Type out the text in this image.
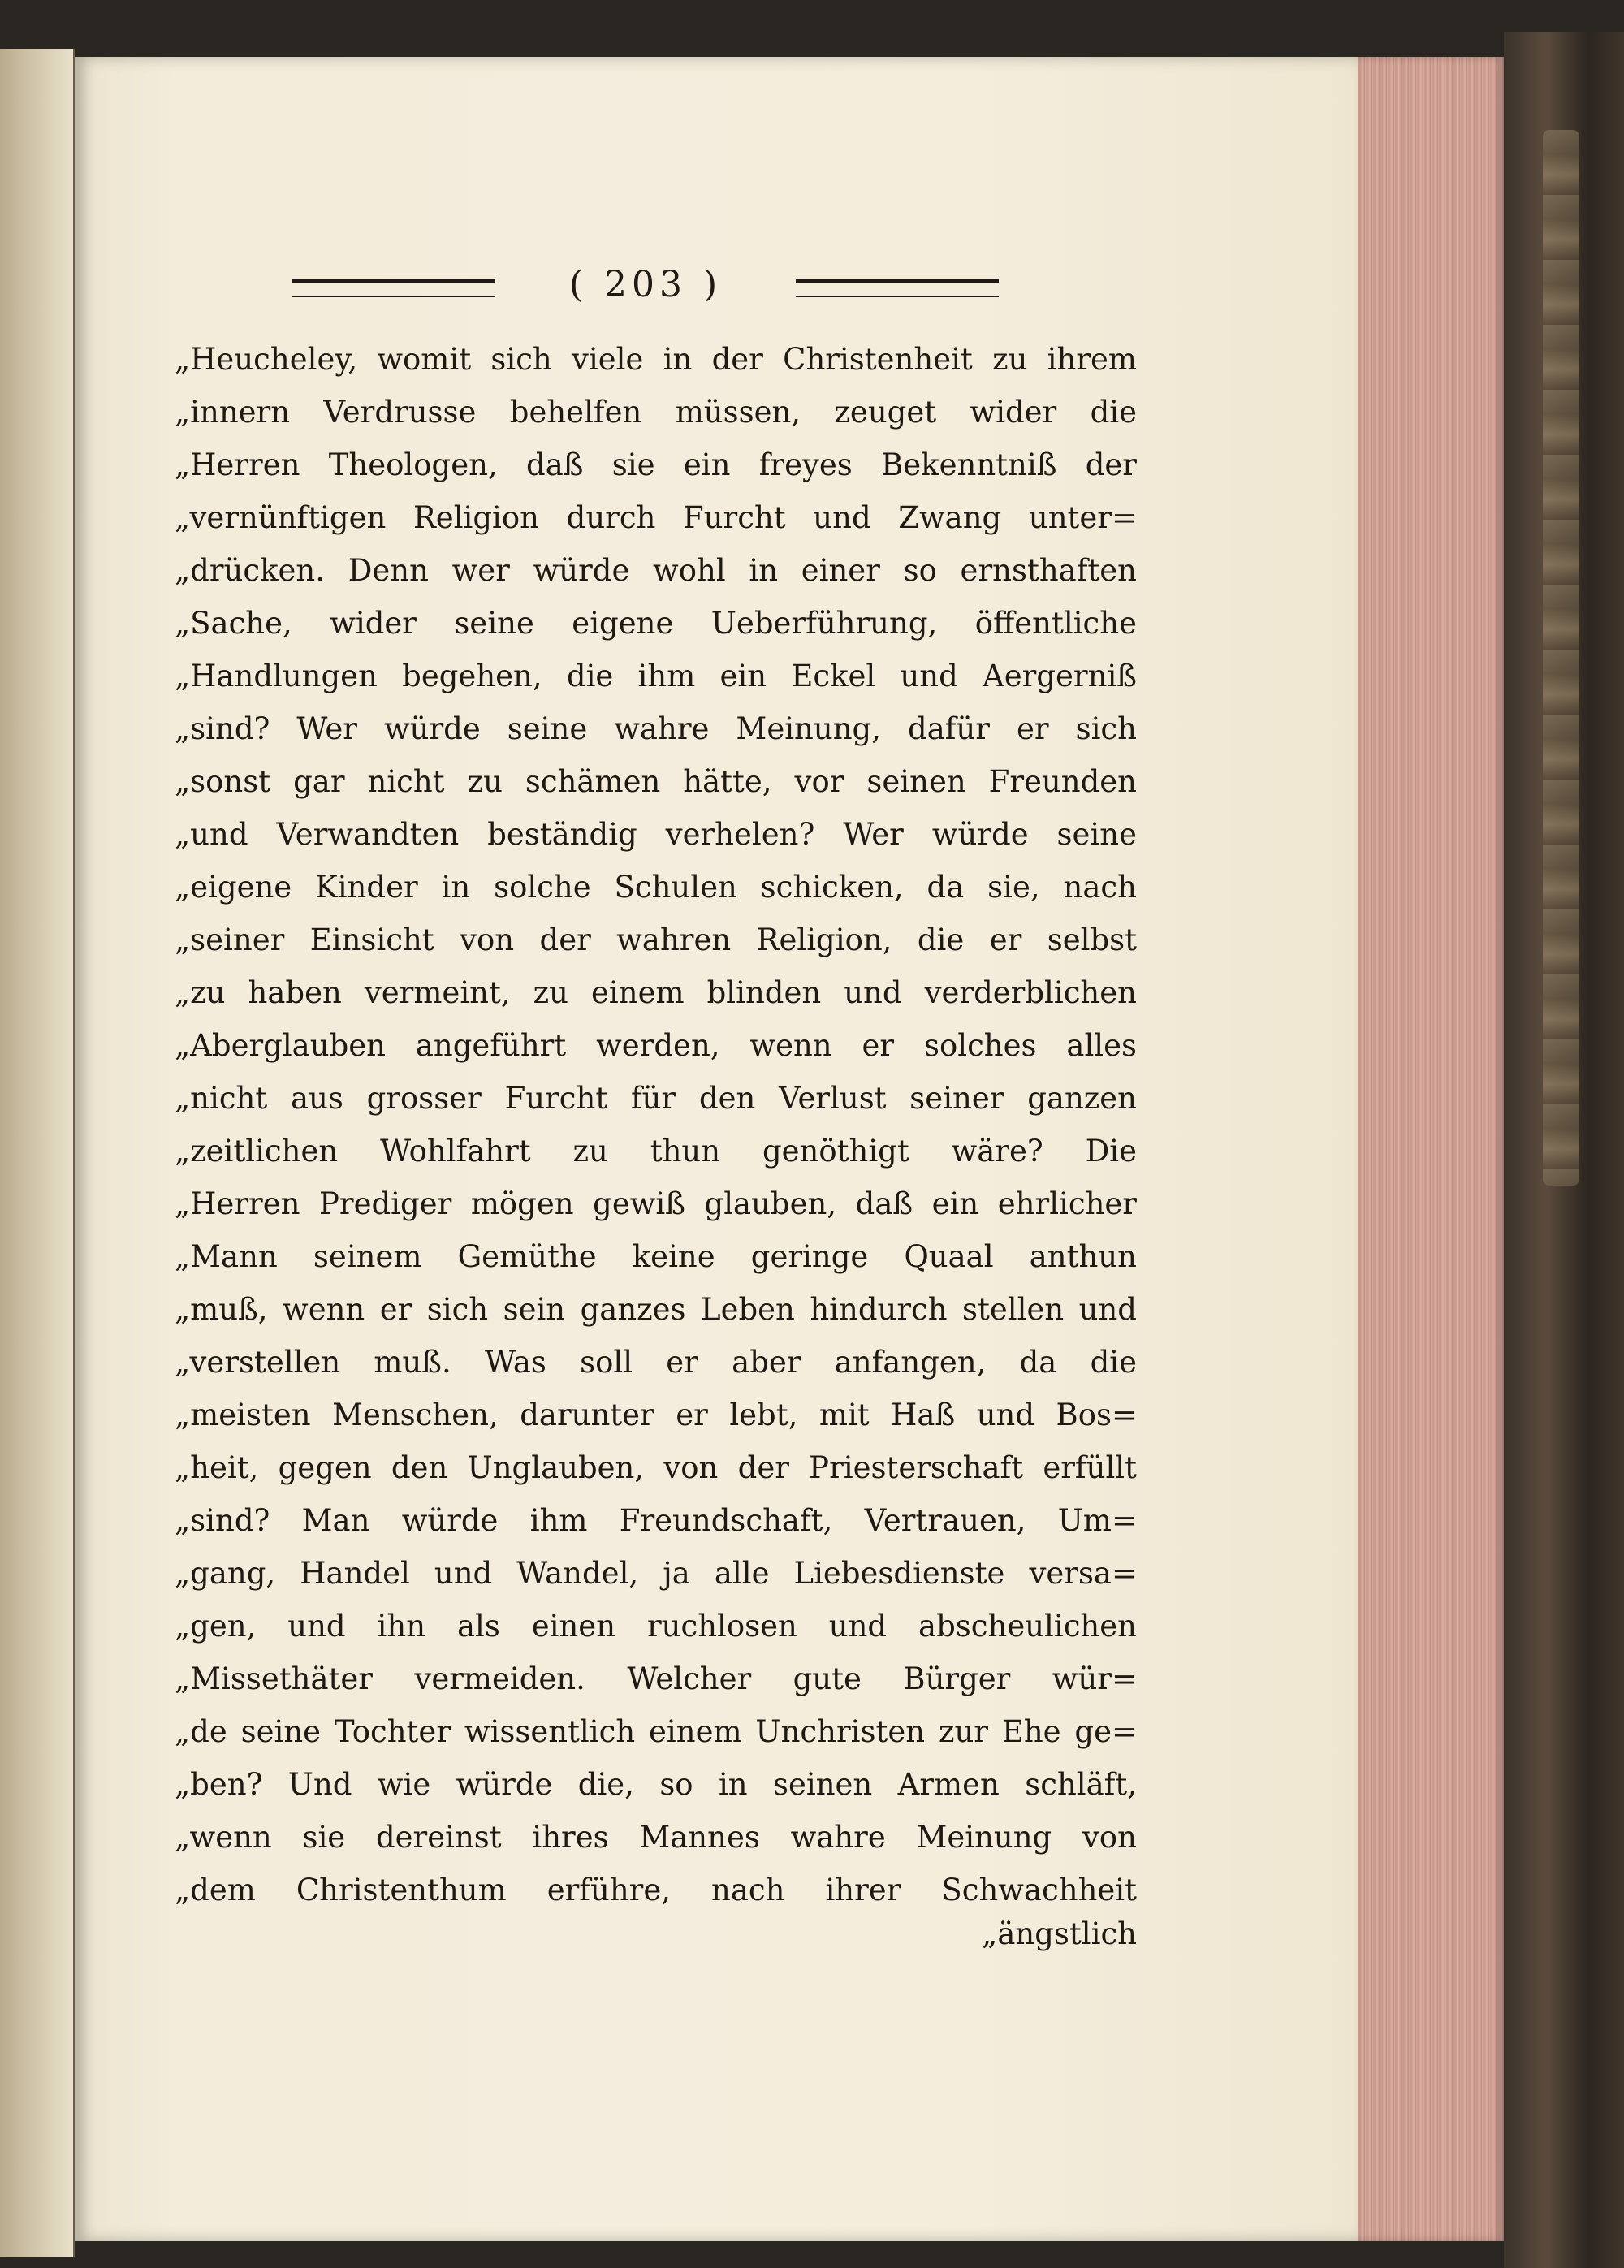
( 203 )
„Heucheley, womit sich viele in der Christenheit zu ihrem
„innern Verdrusse behelfen müssen, zeuget wider die
„Herren Theologen, daß sie ein freyes Bekenntniß der
„vernünftigen Religion durch Furcht und Zwang unter=
„drücken. Denn wer würde wohl in einer so ernsthaften
„Sache, wider seine eigene Ueberführung, öffentliche
„Handlungen begehen, die ihm ein Eckel und Aergerniß
„sind? Wer würde seine wahre Meinung, dafür er sich
„sonst gar nicht zu schämen hätte, vor seinen Freunden
„und Verwandten beständig verhelen? Wer würde seine
„eigene Kinder in solche Schulen schicken, da sie, nach
„seiner Einsicht von der wahren Religion, die er selbst
„zu haben vermeint, zu einem blinden und verderblichen
„Aberglauben angeführt werden, wenn er solches alles
„nicht aus grosser Furcht für den Verlust seiner ganzen
„zeitlichen Wohlfahrt zu thun genöthigt wäre? Die
„Herren Prediger mögen gewiß glauben, daß ein ehrlicher
„Mann seinem Gemüthe keine geringe Quaal anthun
„muß, wenn er sich sein ganzes Leben hindurch stellen und
„verstellen muß. Was soll er aber anfangen, da die
„meisten Menschen, darunter er lebt, mit Haß und Bos=
„heit, gegen den Unglauben, von der Priesterschaft erfüllt
„sind? Man würde ihm Freundschaft, Vertrauen, Um=
„gang, Handel und Wandel, ja alle Liebesdienste versa=
„gen, und ihn als einen ruchlosen und abscheulichen
„Missethäter vermeiden. Welcher gute Bürger wür=
„de seine Tochter wissentlich einem Unchristen zur Ehe ge=
„ben? Und wie würde die, so in seinen Armen schläft,
„wenn sie dereinst ihres Mannes wahre Meinung von
„dem Christenthum erführe, nach ihrer Schwachheit
„ängstlich
